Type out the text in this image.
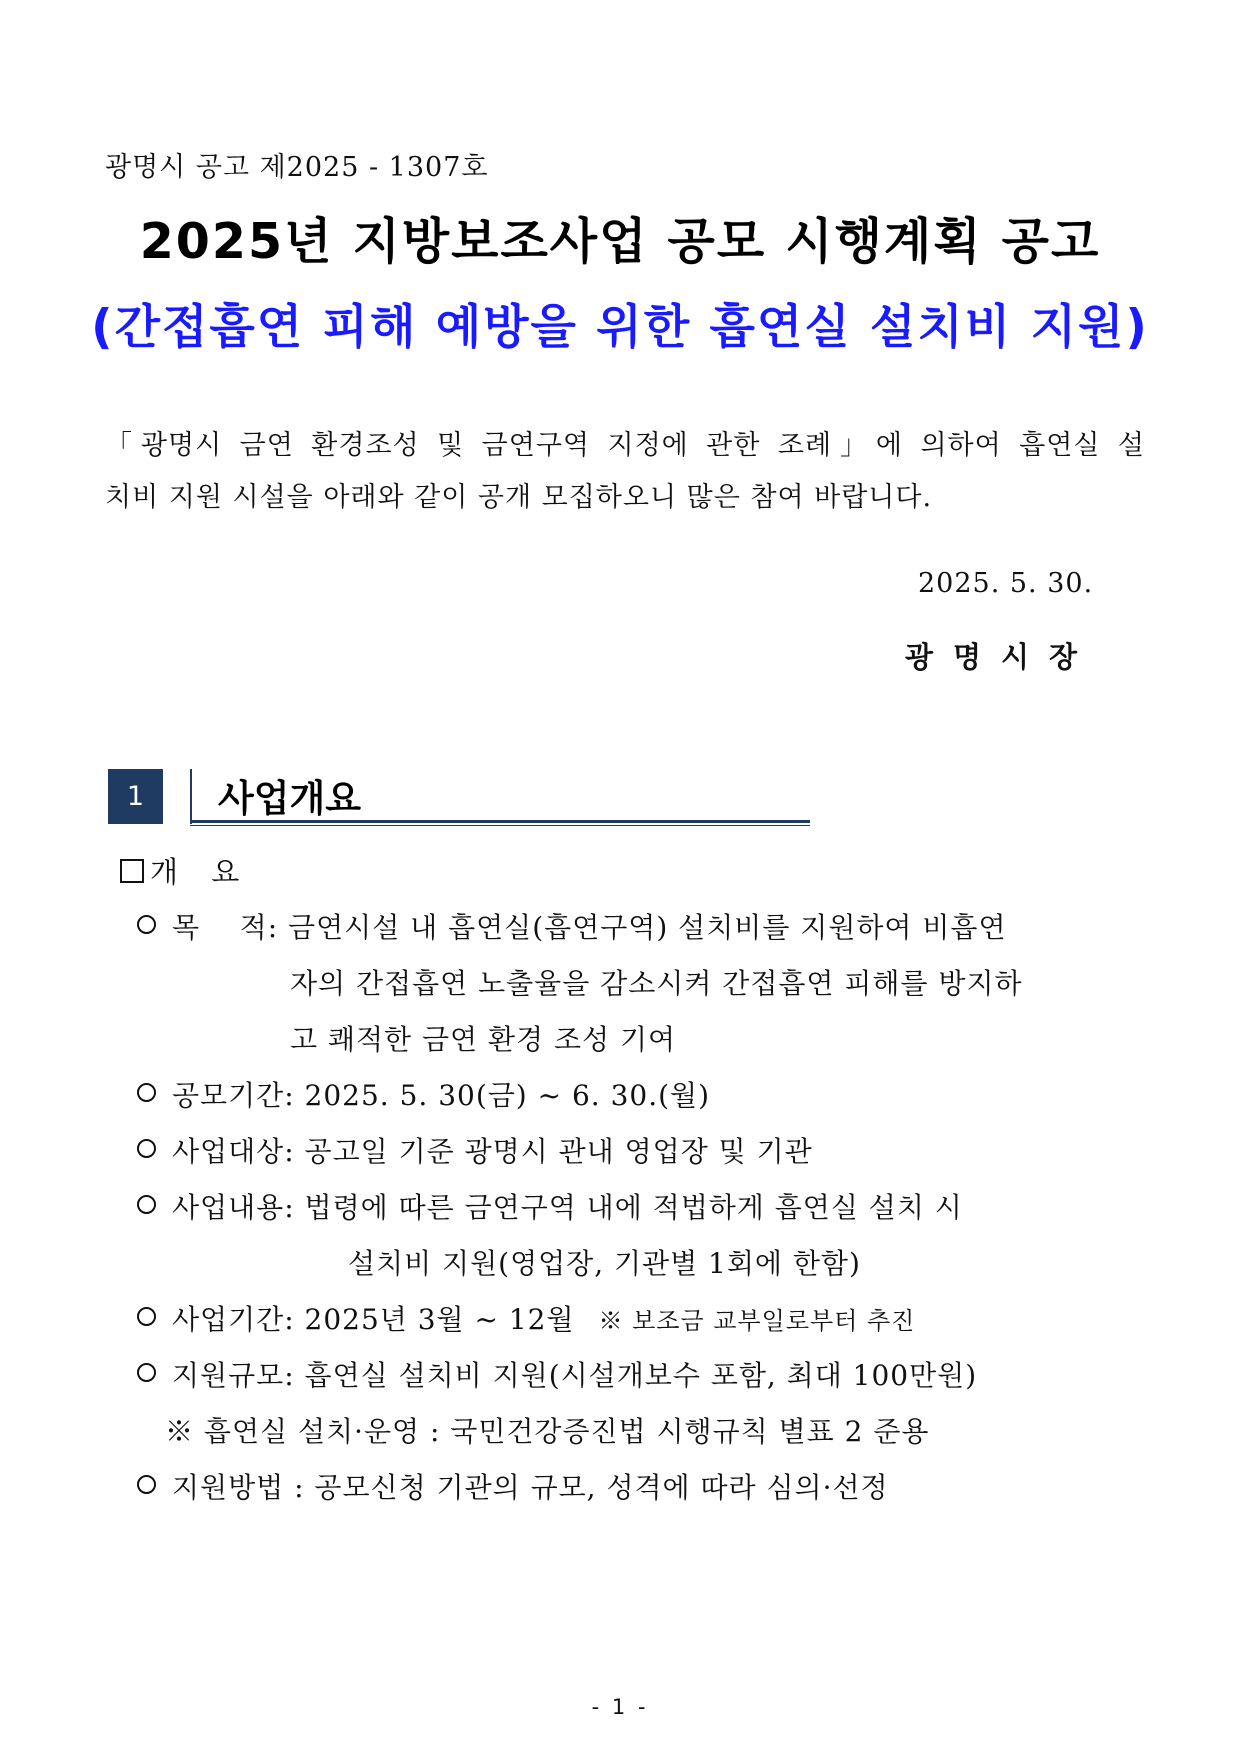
광명시 공고 제2025 - 1307호
2025년 지방보조사업 공모 시행계획 공고
(간접흡연 피해 예방을 위한 흡연실 설치비 지원)
「광명시 금연 환경조성 및 금연구역 지정에 관한 조례」에 의하여 흡연실 설
치비 지원 시설을 아래와 같이 공개 모집하오니 많은 참여 바랍니다.
2025. 5. 30.
광명시장
1	사업개요
개 요
목    적: 금연시설 내 흡연실(흡연구역) 설치비를 지원하여 비흡연
자의 간접흡연 노출율을 감소시켜 간접흡연 피해를 방지하
고 쾌적한 금연 환경 조성 기여
공모기간: 2025. 5. 30(금) ~ 6. 30.(월)
사업대상: 공고일 기준 광명시 관내 영업장 및 기관
사업내용: 법령에 따른 금연구역 내에 적법하게 흡연실 설치 시
설치비 지원(영업장, 기관별 1회에 한함)
사업기간: 2025년 3월 ~ 12월 ※ 보조금 교부일로부터 추진
지원규모: 흡연실 설치비 지원(시설개보수 포함, 최대 100만원)
※ 흡연실 설치·운영 : 국민건강증진법 시행규칙 별표 2 준용
지원방법 : 공모신청 기관의 규모, 성격에 따라 심의·선정
- 1 -
